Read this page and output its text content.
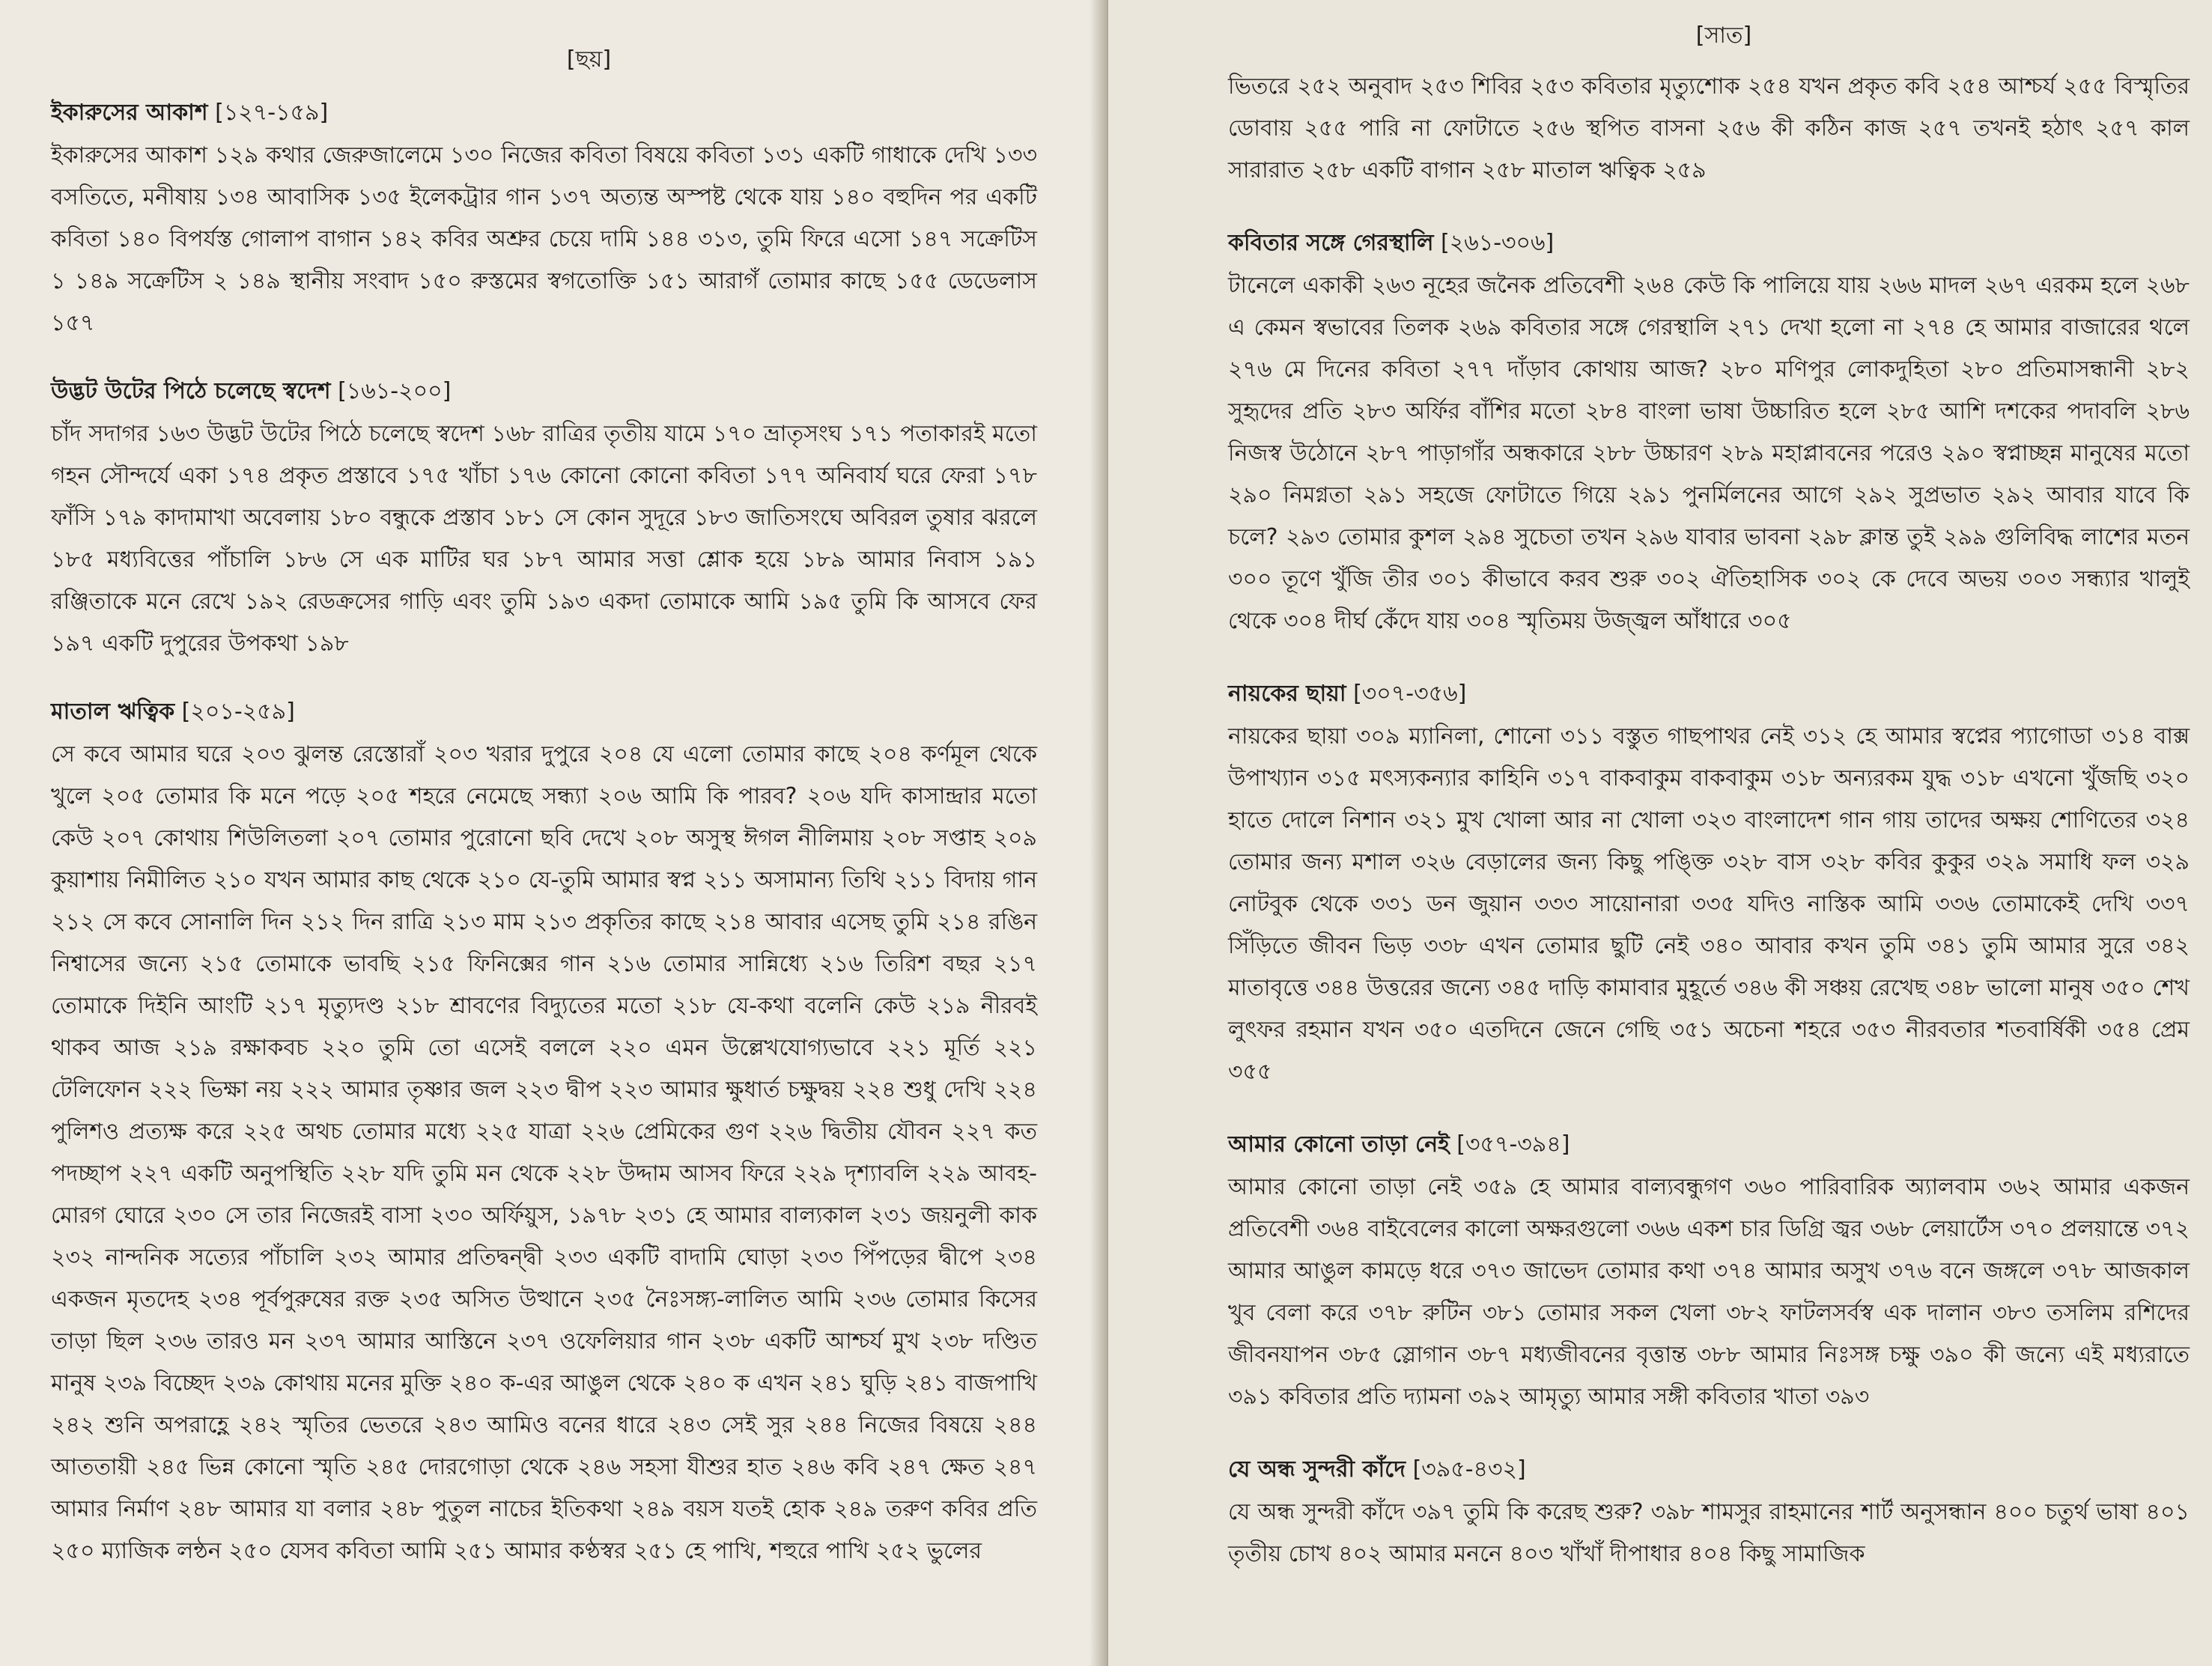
[ছয়]
ইকারুসের আকাশ [১২৭-১৫৯]

ইকারুসের আকাশ ১২৯ কথার জেরুজালেমে ১৩০ নিজের কবিতা বিষয়ে কবিতা ১৩১ একটি গাধাকে দেখি ১৩৩ বসতিতে, মনীষায় ১৩৪ আবাসিক ১৩৫ ইলেকট্রার গান ১৩৭ অত্যন্ত অস্পষ্ট থেকে যায় ১৪০ বহুদিন পর একটি কবিতা ১৪০ বিপর্যস্ত গোলাপ বাগান ১৪২ কবির অশ্রুর চেয়ে দামি ১৪৪ ৩১৩, তুমি ফিরে এসো ১৪৭ সক্রেটিস ১ ১৪৯ সক্রেটিস ২ ১৪৯ স্থানীয় সংবাদ ১৫০ রুস্তমের স্বগতোক্তি ১৫১ আরাগঁ তোমার কাছে ১৫৫ ডেডেলাস ১৫৭

উদ্ভট উটের পিঠে চলেছে স্বদেশ [১৬১-২০০]

চাঁদ সদাগর ১৬৩ উদ্ভট উটের পিঠে চলেছে স্বদেশ ১৬৮ রাত্রির তৃতীয় যামে ১৭০ ভ্রাতৃসংঘ ১৭১ পতাকারই মতো গহন সৌন্দর্যে একা ১৭৪ প্রকৃত প্রস্তাবে ১৭৫ খাঁচা ১৭৬ কোনো কোনো কবিতা ১৭৭ অনিবার্য ঘরে ফেরা ১৭৮ ফাঁসি ১৭৯ কাদামাখা অবেলায় ১৮০ বন্ধুকে প্রস্তাব ১৮১ সে কোন সুদূরে ১৮৩ জাতিসংঘে অবিরল তুষার ঝরলে ১৮৫ মধ্যবিত্তের পাঁচালি ১৮৬ সে এক মাটির ঘর ১৮৭ আমার সত্তা শ্লোক হয়ে ১৮৯ আমার নিবাস ১৯১ রঞ্জিতাকে মনে রেখে ১৯২ রেডক্রসের গাড়ি এবং তুমি ১৯৩ একদা তোমাকে আমি ১৯৫ তুমি কি আসবে ফের ১৯৭ একটি দুপুরের উপকথা ১৯৮

মাতাল ঋত্বিক [২০১-২৫৯]

সে কবে আমার ঘরে ২০৩ ঝুলন্ত রেস্তোরাঁ ২০৩ খরার দুপুরে ২০৪ যে এলো তোমার কাছে ২০৪ কর্ণমূল থেকে খুলে ২০৫ তোমার কি মনে পড়ে ২০৫ শহরে নেমেছে সন্ধ্যা ২০৬ আমি কি পারব? ২০৬ যদি কাসান্দ্রার মতো কেউ ২০৭ কোথায় শিউলিতলা ২০৭ তোমার পুরোনো ছবি দেখে ২০৮ অসুস্থ ঈগল নীলিমায় ২০৮ সপ্তাহ ২০৯ কুয়াশায় নিমীলিত ২১০ যখন আমার কাছ থেকে ২১০ যে-তুমি আমার স্বপ্ন ২১১ অসামান্য তিথি ২১১ বিদায় গান ২১২ সে কবে সোনালি দিন ২১২ দিন রাত্রি ২১৩ মাম ২১৩ প্রকৃতির কাছে ২১৪ আবার এসেছ তুমি ২১৪ রঙিন নিশ্বাসের জন্যে ২১৫ তোমাকে ভাবছি ২১৫ ফিনিক্সের গান ২১৬ তোমার সান্নিধ্যে ২১৬ তিরিশ বছর ২১৭ তোমাকে দিইনি আংটি ২১৭ মৃত্যুদণ্ড ২১৮ শ্রাবণের বিদ্যুতের মতো ২১৮ যে-কথা বলেনি কেউ ২১৯ নীরবই থাকব আজ ২১৯ রক্ষাকবচ ২২০ তুমি তো এসেই বললে ২২০ এমন উল্লেখযোগ্যভাবে ২২১ মূর্তি ২২১ টেলিফোন ২২২ ভিক্ষা নয় ২২২ আমার তৃষ্ণার জল ২২৩ দ্বীপ ২২৩ আমার ক্ষুধার্ত চক্ষুদ্বয় ২২৪ শুধু দেখি ২২৪ পুলিশও প্রত্যক্ষ করে ২২৫ অথচ তোমার মধ্যে ২২৫ যাত্রা ২২৬ প্রেমিকের গুণ ২২৬ দ্বিতীয় যৌবন ২২৭ কত পদচ্ছাপ ২২৭ একটি অনুপস্থিতি ২২৮ যদি তুমি মন থেকে ২২৮ উদ্দাম আসব ফিরে ২২৯ দৃশ্যাবলি ২২৯ আবহ-মোরগ ঘোরে ২৩০ সে তার নিজেরই বাসা ২৩০ অর্ফিয়ুস, ১৯৭৮ ২৩১ হে আমার বাল্যকাল ২৩১ জয়নুলী কাক ২৩২ নান্দনিক সত্যের পাঁচালি ২৩২ আমার প্রতিদ্বন্দ্বী ২৩৩ একটি বাদামি ঘোড়া ২৩৩ পিঁপড়ের দ্বীপে ২৩৪ একজন মৃতদেহ ২৩৪ পূর্বপুরুষের রক্ত ২৩৫ অসিত উত্থানে ২৩৫ নৈঃসঙ্গ্য-লালিত আমি ২৩৬ তোমার কিসের তাড়া ছিল ২৩৬ তারও মন ২৩৭ আমার আস্তিনে ২৩৭ ওফেলিয়ার গান ২৩৮ একটি আশ্চর্য মুখ ২৩৮ দণ্ডিত মানুষ ২৩৯ বিচ্ছেদ ২৩৯ কোথায় মনের মুক্তি ২৪০ ক-এর আঙুল থেকে ২৪০ ক এখন ২৪১ ঘুড়ি ২৪১ বাজপাখি ২৪২ শুনি অপরাহ্ণে ২৪২ স্মৃতির ভেতরে ২৪৩ আমিও বনের ধারে ২৪৩ সেই সুর ২৪৪ নিজের বিষয়ে ২৪৪ আততায়ী ২৪৫ ভিন্ন কোনো স্মৃতি ২৪৫ দোরগোড়া থেকে ২৪৬ সহসা যীশুর হাত ২৪৬ কবি ২৪৭ ক্ষেত ২৪৭ আমার নির্মাণ ২৪৮ আমার যা বলার ২৪৮ পুতুল নাচের ইতিকথা ২৪৯ বয়স যতই হোক ২৪৯ তরুণ কবির প্রতি ২৫০ ম্যাজিক লন্ঠন ২৫০ যেসব কবিতা আমি ২৫১ আমার কণ্ঠস্বর ২৫১ হে পাখি, শহুরে পাখি ২৫২ ভুলের

[সাত]

ভিতরে ২৫২ অনুবাদ ২৫৩ শিবির ২৫৩ কবিতার মৃত্যুশোক ২৫৪ যখন প্রকৃত কবি ২৫৪ আশ্চর্য ২৫৫ বিস্মৃতির ডোবায় ২৫৫ পারি না ফোটাতে ২৫৬ স্থপিত বাসনা ২৫৬ কী কঠিন কাজ ২৫৭ তখনই হঠাৎ ২৫৭ কাল সারারাত ২৫৮ একটি বাগান ২৫৮ মাতাল ঋত্বিক ২৫৯

কবিতার সঙ্গে গেরস্থালি [২৬১-৩০৬]

টানেলে একাকী ২৬৩ নূহের জনৈক প্রতিবেশী ২৬৪ কেউ কি পালিয়ে যায় ২৬৬ মাদল ২৬৭ এরকম হলে ২৬৮ এ কেমন স্বভাবের তিলক ২৬৯ কবিতার সঙ্গে গেরস্থালি ২৭১ দেখা হলো না ২৭৪ হে আমার বাজারের থলে ২৭৬ মে দিনের কবিতা ২৭৭ দাঁড়াব কোথায় আজ? ২৮০ মণিপুর লোকদুহিতা ২৮০ প্রতিমাসন্ধানী ২৮২ সুহৃদের প্রতি ২৮৩ অর্ফির বাঁশির মতো ২৮৪ বাংলা ভাষা উচ্চারিত হলে ২৮৫ আশি দশকের পদাবলি ২৮৬ নিজস্ব উঠোনে ২৮৭ পাড়াগাঁর অন্ধকারে ২৮৮ উচ্চারণ ২৮৯ মহাপ্লাবনের পরেও ২৯০ স্বপ্নাচ্ছন্ন মানুষের মতো ২৯০ নিমগ্নতা ২৯১ সহজে ফোটাতে গিয়ে ২৯১ পুনর্মিলনের আগে ২৯২ সুপ্রভাত ২৯২ আবার যাবে কি চলে? ২৯৩ তোমার কুশল ২৯৪ সুচেতা তখন ২৯৬ যাবার ভাবনা ২৯৮ ক্লান্ত তুই ২৯৯ গুলিবিদ্ধ লাশের মতন ৩০০ তূণে খুঁজি তীর ৩০১ কীভাবে করব শুরু ৩০২ ঐতিহাসিক ৩০২ কে দেবে অভয় ৩০৩ সন্ধ্যার খালুই থেকে ৩০৪ দীর্ঘ কেঁদে যায় ৩০৪ স্মৃতিময় উজ্জ্বল আঁধারে ৩০৫

নায়কের ছায়া [৩০৭-৩৫৬]

নায়কের ছায়া ৩০৯ ম্যানিলা, শোনো ৩১১ বস্তুত গাছপাথর নেই ৩১২ হে আমার স্বপ্নের প্যাগোডা ৩১৪ বাক্স উপাখ্যান ৩১৫ মৎস্যকন্যার কাহিনি ৩১৭ বাকবাকুম বাকবাকুম ৩১৮ অন্যরকম যুদ্ধ ৩১৮ এখনো খুঁজছি ৩২০ হাতে দোলে নিশান ৩২১ মুখ খোলা আর না খোলা ৩২৩ বাংলাদেশ গান গায় তাদের অক্ষয় শোণিতের ৩২৪ তোমার জন্য মশাল ৩২৬ বেড়ালের জন্য কিছু পঙ্ক্তি ৩২৮ বাস ৩২৮ কবির কুকুর ৩২৯ সমাধি ফল ৩২৯ নোটবুক থেকে ৩৩১ ডন জুয়ান ৩৩৩ সায়োনারা ৩৩৫ যদিও নাস্তিক আমি ৩৩৬ তোমাকেই দেখি ৩৩৭ সিঁড়িতে জীবন ভিড় ৩৩৮ এখন তোমার ছুটি নেই ৩৪০ আবার কখন তুমি ৩৪১ তুমি আমার সুরে ৩৪২ মাতাবৃত্তে ৩৪৪ উত্তরের জন্যে ৩৪৫ দাড়ি কামাবার মুহূর্তে ৩৪৬ কী সঞ্চয় রেখেছ ৩৪৮ ভালো মানুষ ৩৫০ শেখ লুৎফর রহমান যখন ৩৫০ এতদিনে জেনে গেছি ৩৫১ অচেনা শহরে ৩৫৩ নীরবতার শতবার্ষিকী ৩৫৪ প্রেম ৩৫৫

আমার কোনো তাড়া নেই [৩৫৭-৩৯৪]

আমার কোনো তাড়া নেই ৩৫৯ হে আমার বাল্যবন্ধুগণ ৩৬০ পারিবারিক অ্যালবাম ৩৬২ আমার একজন প্রতিবেশী ৩৬৪ বাইবেলের কালো অক্ষরগুলো ৩৬৬ একশ চার ডিগ্রি জ্বর ৩৬৮ লেয়ার্টেস ৩৭০ প্রলয়ান্তে ৩৭২ আমার আঙুল কামড়ে ধরে ৩৭৩ জাভেদ তোমার কথা ৩৭৪ আমার অসুখ ৩৭৬ বনে জঙ্গলে ৩৭৮ আজকাল খুব বেলা করে ৩৭৮ রুটিন ৩৮১ তোমার সকল খেলা ৩৮২ ফাটলসর্বস্ব এক দালান ৩৮৩ তসলিম রশিদের জীবনযাপন ৩৮৫ স্লোগান ৩৮৭ মধ্যজীবনের বৃত্তান্ত ৩৮৮ আমার নিঃসঙ্গ চক্ষু ৩৯০ কী জন্যে এই মধ্যরাতে ৩৯১ কবিতার প্রতি দ্যামনা ৩৯২ আমৃত্যু আমার সঙ্গী কবিতার খাতা ৩৯৩

যে অন্ধ সুন্দরী কাঁদে [৩৯৫-৪৩২]

যে অন্ধ সুন্দরী কাঁদে ৩৯৭ তুমি কি করেছ শুরু? ৩৯৮ শামসুর রাহমানের শার্ট অনুসন্ধান ৪০০ চতুর্থ ভাষা ৪০১ তৃতীয় চোখ ৪০২ আমার মননে ৪০৩ খাঁখাঁ দীপাধার ৪০৪ কিছু সামাজিক
